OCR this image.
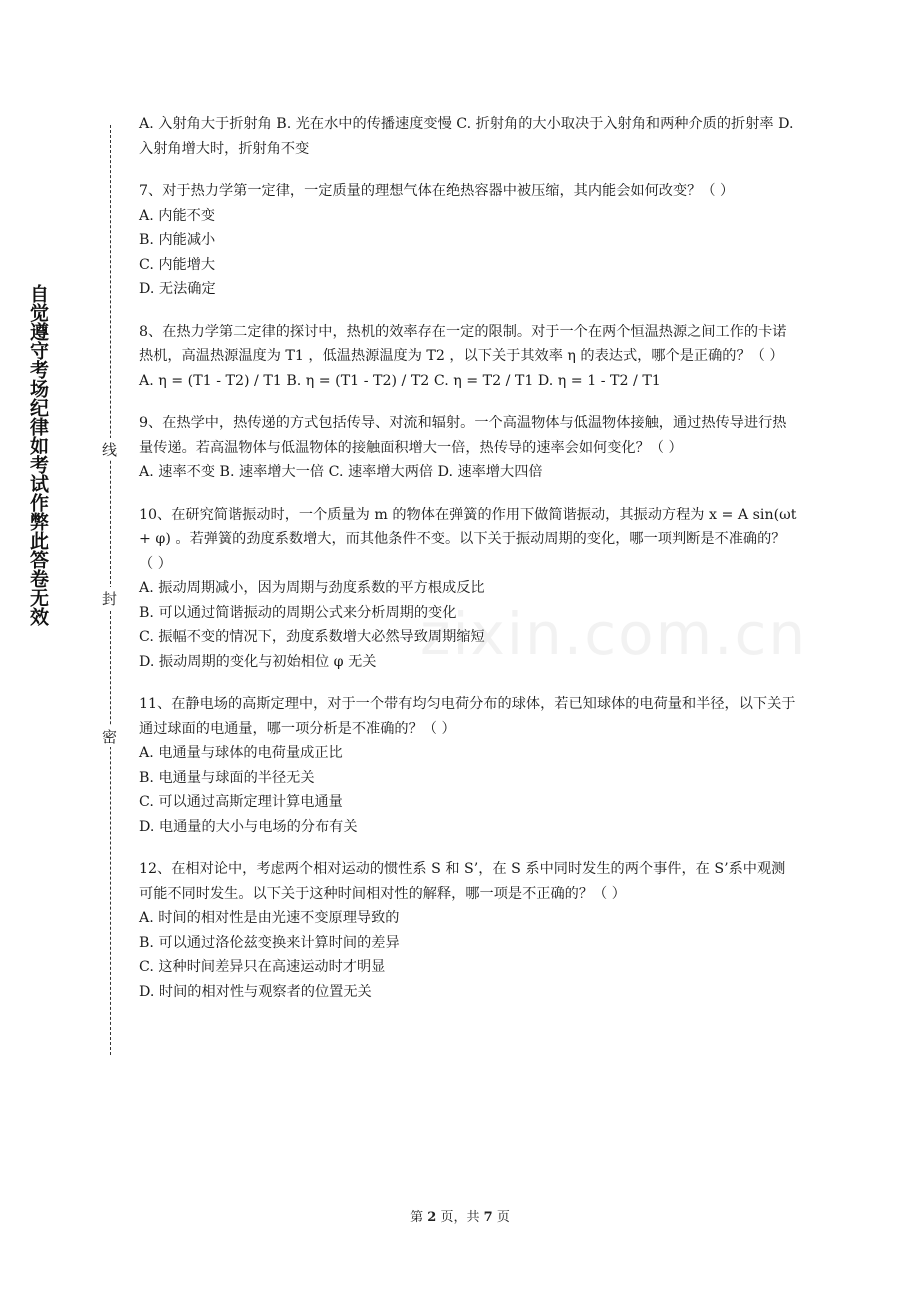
自觉遵守考场纪律如考试作弊此答卷无效	线
封
密
zixin.com.cn

A. 入射角大于折射角 B. 光在水中的传播速度变慢 C. 折射角的大小取决于入射角和两种介质的折射率 D. 入射角增大时，折射角不变

7、对于热力学第一定律，一定质量的理想气体在绝热容器中被压缩，其内能会如何改变？（ ）

A. 内能不变

B. 内能减小

C. 内能增大

D. 无法确定

8、在热力学第二定律的探讨中，热机的效率存在一定的限制。对于一个在两个恒温热源之间工作的卡诺热机，高温热源温度为 T1 ，低温热源温度为 T2 ，以下关于其效率 η 的表达式，哪个是正确的？（ ）

A. η = (T1 - T2) / T1 B. η = (T1 - T2) / T2 C. η = T2 / T1 D. η = 1 - T2 / T1

9、在热学中，热传递的方式包括传导、对流和辐射。一个高温物体与低温物体接触，通过热传导进行热量传递。若高温物体与低温物体的接触面积增大一倍，热传导的速率会如何变化？（ ）

A. 速率不变 B. 速率增大一倍 C. 速率增大两倍 D. 速率增大四倍

10、在研究简谐振动时，一个质量为 m 的物体在弹簧的作用下做简谐振动，其振动方程为 x = A sin(ωt + φ) 。若弹簧的劲度系数增大，而其他条件不变。以下关于振动周期的变化，哪一项判断是不准确的？（ ）

A. 振动周期减小，因为周期与劲度系数的平方根成反比

B. 可以通过简谐振动的周期公式来分析周期的变化

C. 振幅不变的情况下，劲度系数增大必然导致周期缩短

D. 振动周期的变化与初始相位 φ 无关

11、在静电场的高斯定理中，对于一个带有均匀电荷分布的球体，若已知球体的电荷量和半径，以下关于通过球面的电通量，哪一项分析是不准确的？（ ）

A. 电通量与球体的电荷量成正比

B. 电通量与球面的半径无关

C. 可以通过高斯定理计算电通量

D. 电通量的大小与电场的分布有关

12、在相对论中，考虑两个相对运动的惯性系 S 和 S’，在 S 系中同时发生的两个事件，在 S’系中观测可能不同时发生。以下关于这种时间相对性的解释，哪一项是不正确的？（ ）

A. 时间的相对性是由光速不变原理导致的

B. 可以通过洛伦兹变换来计算时间的差异

C. 这种时间差异只在高速运动时才明显

D. 时间的相对性与观察者的位置无关

第 2 页，共 7 页
